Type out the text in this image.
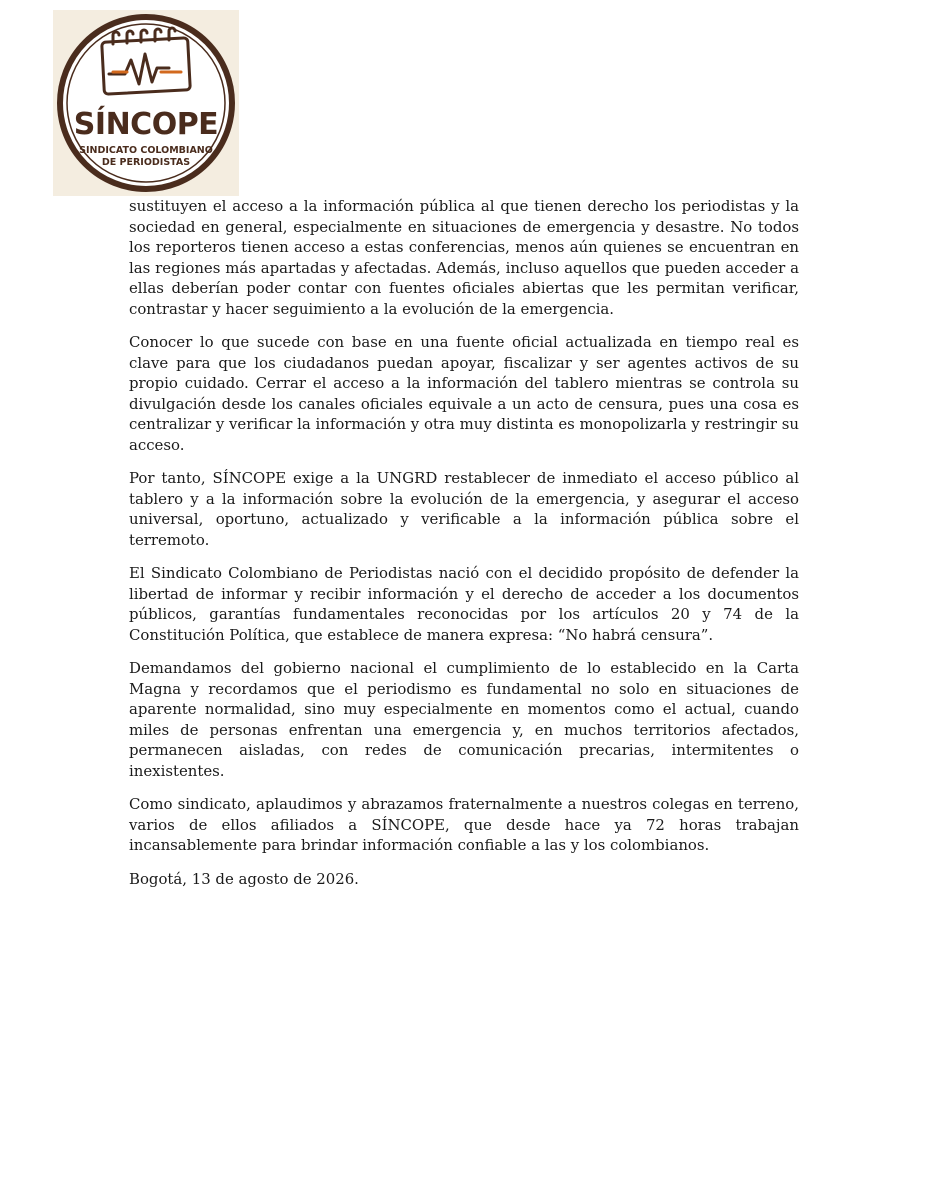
SÍNCOPE
SINDICATO COLOMBIANO
DE PERIODISTAS

sustituyen el acceso a la información pública al que tienen derecho los periodistas y la sociedad en general, especialmente en situaciones de emergencia y desastre. No todos los reporteros tienen acceso a estas conferencias, menos aún quienes se encuentran en las regiones más apartadas y afectadas. Además, incluso aquellos que pueden acceder a ellas deberían poder contar con fuentes oficiales abiertas que les permitan verificar, contrastar y hacer seguimiento a la evolución de la emergencia.

Conocer lo que sucede con base en una fuente oficial actualizada en tiempo real es clave para que los ciudadanos puedan apoyar, fiscalizar y ser agentes activos de su propio cuidado. Cerrar el acceso a la información del tablero mientras se controla su divulgación desde los canales oficiales equivale a un acto de censura, pues una cosa es centralizar y verificar la información y otra muy distinta es monopolizarla y restringir su acceso.

Por tanto, SÍNCOPE exige a la UNGRD restablecer de inmediato el acceso público al tablero y a la información sobre la evolución de la emergencia, y asegurar el acceso universal, oportuno, actualizado y verificable a la información pública sobre el terremoto.

El Sindicato Colombiano de Periodistas nació con el decidido propósito de defender la libertad de informar y recibir información y el derecho de acceder a los documentos públicos, garantías fundamentales reconocidas por los artículos 20 y 74 de la Constitución Política, que establece de manera expresa: “No habrá censura”.

Demandamos del gobierno nacional el cumplimiento de lo establecido en la Carta Magna y recordamos que el periodismo es fundamental no solo en situaciones de aparente normalidad, sino muy especialmente en momentos como el actual, cuando miles de personas enfrentan una emergencia y, en muchos territorios afectados, permanecen aisladas, con redes de comunicación precarias, intermitentes o inexistentes.

Como sindicato, aplaudimos y abrazamos fraternalmente a nuestros colegas en terreno, varios de ellos afiliados a SÍNCOPE, que desde hace ya 72 horas trabajan incansablemente para brindar información confiable a las y los colombianos.

Bogotá, 13 de agosto de 2026.
